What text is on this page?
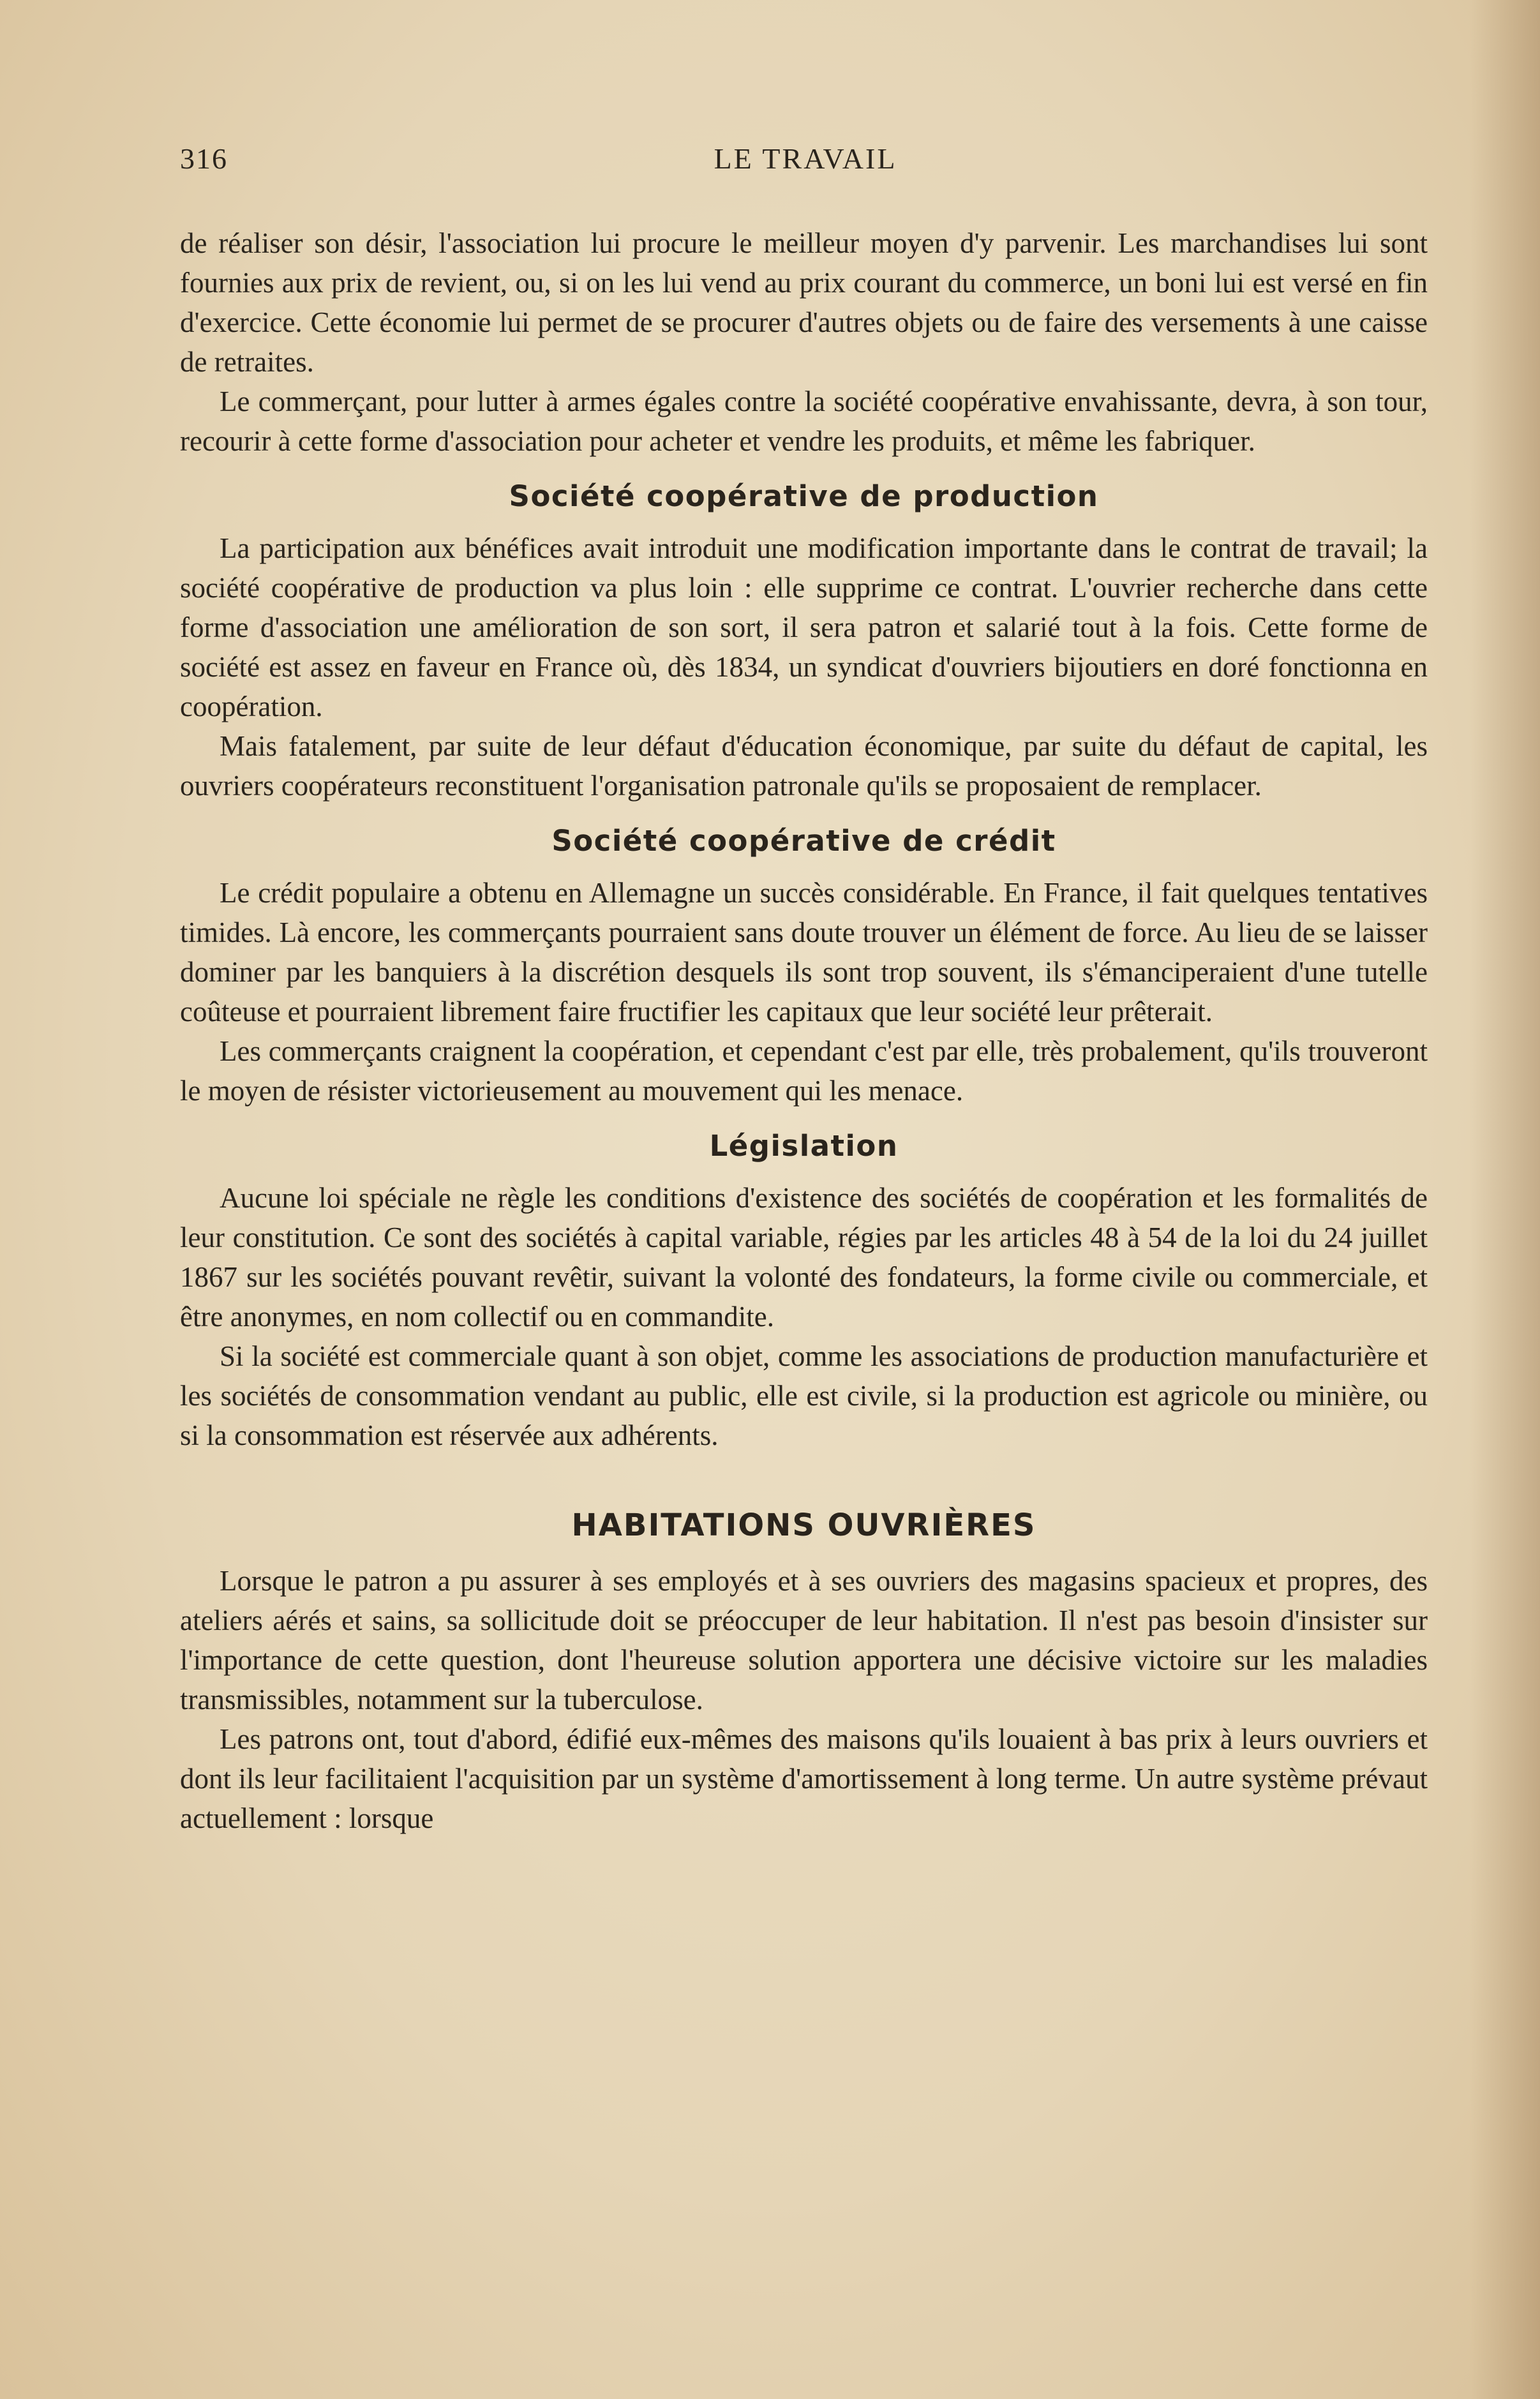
316	LE TRAVAIL

de réaliser son désir, l'association lui procure le meilleur moyen d'y parvenir. Les marchandises lui sont fournies aux prix de revient, ou, si on les lui vend au prix courant du commerce, un boni lui est versé en fin d'exercice. Cette économie lui permet de se procurer d'autres objets ou de faire des versements à une caisse de retraites.

Le commerçant, pour lutter à armes égales contre la société coopérative envahissante, devra, à son tour, recourir à cette forme d'association pour acheter et vendre les produits, et même les fabriquer.

Société coopérative de production

La participation aux bénéfices avait introduit une modification importante dans le contrat de travail; la société coopérative de production va plus loin : elle supprime ce contrat. L'ouvrier recherche dans cette forme d'association une amélioration de son sort, il sera patron et salarié tout à la fois. Cette forme de société est assez en faveur en France où, dès 1834, un syndicat d'ouvriers bijoutiers en doré fonctionna en coopération.

Mais fatalement, par suite de leur défaut d'éducation économique, par suite du défaut de capital, les ouvriers coopérateurs reconstituent l'organisation patronale qu'ils se proposaient de remplacer.

Société coopérative de crédit

Le crédit populaire a obtenu en Allemagne un succès considérable. En France, il fait quelques tentatives timides. Là encore, les commerçants pourraient sans doute trouver un élément de force. Au lieu de se laisser dominer par les banquiers à la discrétion desquels ils sont trop souvent, ils s'émanciperaient d'une tutelle coûteuse et pourraient librement faire fructifier les capitaux que leur société leur prêterait.

Les commerçants craignent la coopération, et cependant c'est par elle, très probalement, qu'ils trouveront le moyen de résister victorieusement au mouvement qui les menace.

Législation

Aucune loi spéciale ne règle les conditions d'existence des sociétés de coopération et les formalités de leur constitution. Ce sont des sociétés à capital variable, régies par les articles 48 à 54 de la loi du 24 juillet 1867 sur les sociétés pouvant revêtir, suivant la volonté des fondateurs, la forme civile ou commerciale, et être anonymes, en nom collectif ou en commandite.

Si la société est commerciale quant à son objet, comme les associations de production manufacturière et les sociétés de consommation vendant au public, elle est civile, si la production est agricole ou minière, ou si la consommation est réservée aux adhérents.

HABITATIONS OUVRIÈRES

Lorsque le patron a pu assurer à ses employés et à ses ouvriers des magasins spacieux et propres, des ateliers aérés et sains, sa sollicitude doit se préoccuper de leur habitation. Il n'est pas besoin d'insister sur l'importance de cette question, dont l'heureuse solution apportera une décisive victoire sur les maladies transmissibles, notamment sur la tuberculose.

Les patrons ont, tout d'abord, édifié eux-mêmes des maisons qu'ils louaient à bas prix à leurs ouvriers et dont ils leur facilitaient l'acquisition par un système d'amortissement à long terme. Un autre système prévaut actuellement : lorsque
